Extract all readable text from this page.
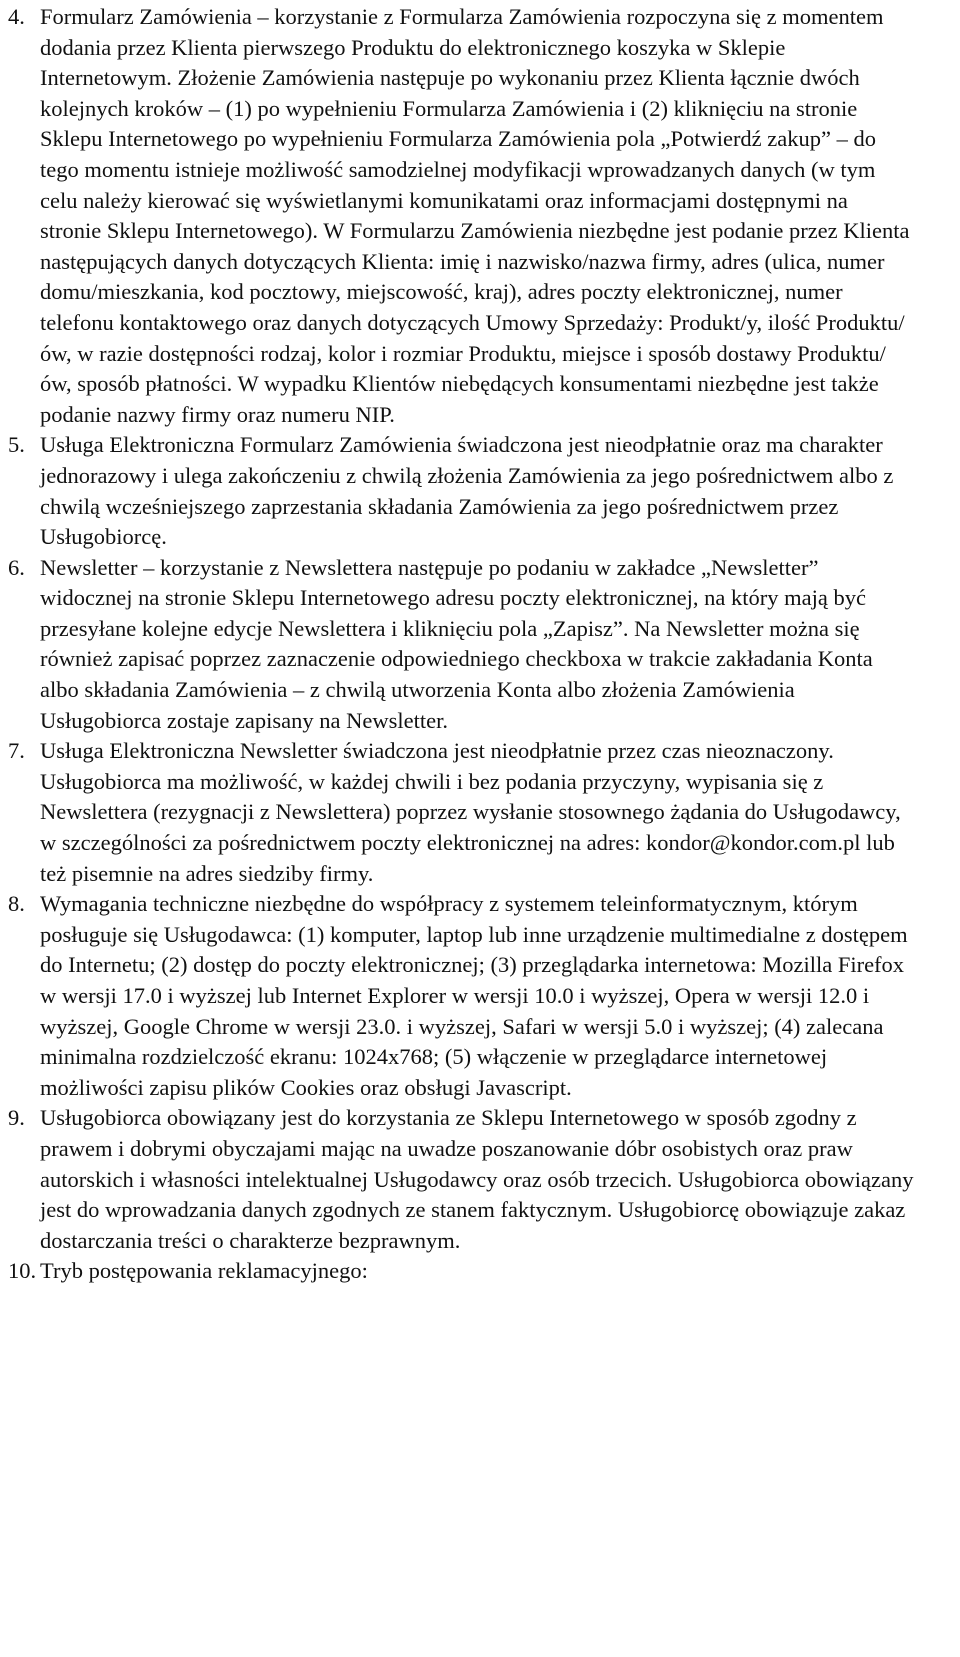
4. Formularz Zamówienia – korzystanie z Formularza Zamówienia rozpoczyna się z momentem dodania przez Klienta pierwszego Produktu do elektronicznego koszyka w Sklepie Internetowym. Złożenie Zamówienia następuje po wykonaniu przez Klienta łącznie dwóch kolejnych kroków – (1) po wypełnieniu Formularza Zamówienia i (2) kliknięciu na stronie Sklepu Internetowego po wypełnieniu Formularza Zamówienia pola „Potwierdź zakup” – do tego momentu istnieje możliwość samodzielnej modyfikacji wprowadzanych danych (w tym celu należy kierować się wyświetlanymi komunikatami oraz informacjami dostępnymi na stronie Sklepu Internetowego). W Formularzu Zamówienia niezbędne jest podanie przez Klienta następujących danych dotyczących Klienta: imię i nazwisko/nazwa firmy, adres (ulica, numer domu/mieszkania, kod pocztowy, miejscowość, kraj), adres poczty elektronicznej, numer telefonu kontaktowego oraz danych dotyczących Umowy Sprzedaży: Produkt/y, ilość Produktu/ów, w razie dostępności rodzaj, kolor i rozmiar Produktu, miejsce i sposób dostawy Produktu/ów, sposób płatności. W wypadku Klientów niebędących konsumentami niezbędne jest także podanie nazwy firmy oraz numeru NIP.
5. Usługa Elektroniczna Formularz Zamówienia świadczona jest nieodpłatnie oraz ma charakter jednorazowy i ulega zakończeniu z chwilą złożenia Zamówienia za jego pośrednictwem albo z chwilą wcześniejszego zaprzestania składania Zamówienia za jego pośrednictwem przez Usługobiorcę.
6. Newsletter – korzystanie z Newslettera następuje po podaniu w zakładce „Newsletter” widocznej na stronie Sklepu Internetowego adresu poczty elektronicznej, na który mają być przesyłane kolejne edycje Newslettera i kliknięciu pola „Zapisz”. Na Newsletter można się również zapisać poprzez zaznaczenie odpowiedniego checkboxa w trakcie zakładania Konta albo składania Zamówienia – z chwilą utworzenia Konta albo złożenia Zamówienia Usługobiorca zostaje zapisany na Newsletter.
7. Usługa Elektroniczna Newsletter świadczona jest nieodpłatnie przez czas nieoznaczony. Usługobiorca ma możliwość, w każdej chwili i bez podania przyczyny, wypisania się z Newslettera (rezygnacji z Newslettera) poprzez wysłanie stosownego żądania do Usługodawcy, w szczególności za pośrednictwem poczty elektronicznej na adres: kondor@kondor.com.pl lub też pisemnie na adres siedziby firmy.
8. Wymagania techniczne niezbędne do współpracy z systemem teleinformatycznym, którym posługuje się Usługodawca: (1) komputer, laptop lub inne urządzenie multimedialne z dostępem do Internetu; (2) dostęp do poczty elektronicznej; (3) przeglądarka internetowa: Mozilla Firefox w wersji 17.0 i wyższej lub Internet Explorer w wersji 10.0 i wyższej, Opera w wersji 12.0 i wyższej, Google Chrome w wersji 23.0. i wyższej, Safari w wersji 5.0 i wyższej; (4) zalecana minimalna rozdzielczość ekranu: 1024x768; (5) włączenie w przeglądarce internetowej możliwości zapisu plików Cookies oraz obsługi Javascript.
9. Usługobiorca obowiązany jest do korzystania ze Sklepu Internetowego w sposób zgodny z prawem i dobrymi obyczajami mając na uwadze poszanowanie dóbr osobistych oraz praw autorskich i własności intelektualnej Usługodawcy oraz osób trzecich. Usługobiorca obowiązany jest do wprowadzania danych zgodnych ze stanem faktycznym. Usługobiorcę obowiązuje zakaz dostarczania treści o charakterze bezprawnym.
10. Tryb postępowania reklamacyjnego:
